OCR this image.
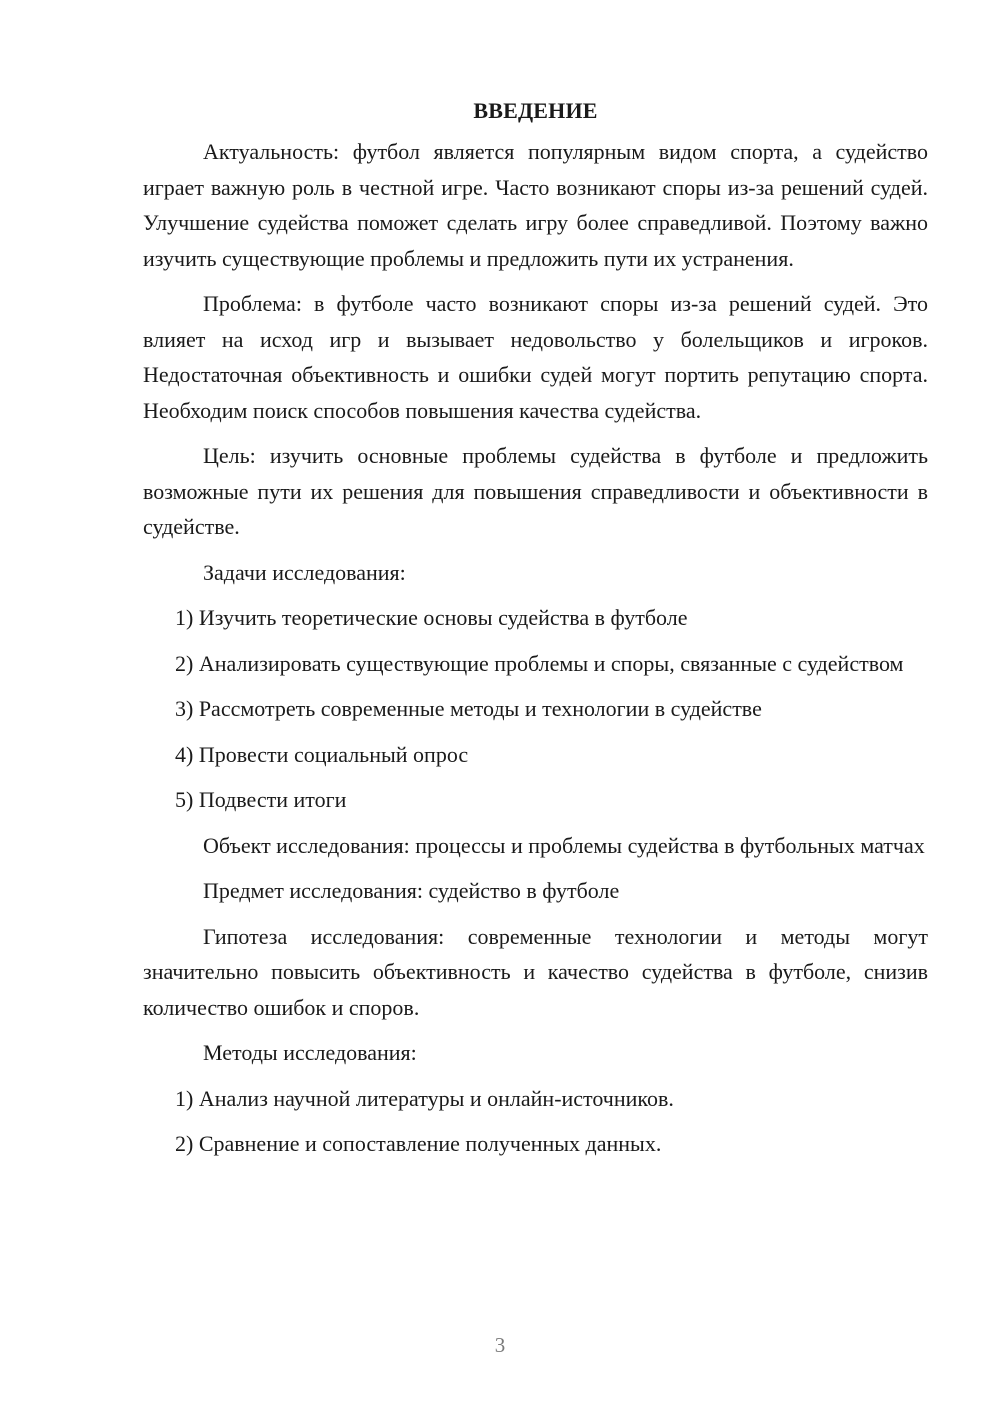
ВВЕДЕНИЕ

Актуальность: футбол является популярным видом спорта, а судейство играет важную роль в честной игре. Часто возникают споры из-за решений судей. Улучшение судейства поможет сделать игру более справедливой. Поэтому важно изучить существующие проблемы и предложить пути их устранения.

Проблема: в футболе часто возникают споры из-за решений судей. Это влияет на исход игр и вызывает недовольство у болельщиков и игроков. Недостаточная объективность и ошибки судей могут портить репутацию спорта. Необходим поиск способов повышения качества судейства.

Цель: изучить основные проблемы судейства в футболе и предложить возможные пути их решения для повышения справедливости и объективности в судействе.

Задачи исследования:

1) Изучить теоретические основы судейства в футболе

2) Анализировать существующие проблемы и споры, связанные с судейством

3) Рассмотреть современные методы и технологии в судействе

4) Провести социальный опрос

5) Подвести итоги

Объект исследования: процессы и проблемы судейства в футбольных матчах

Предмет исследования: судейство в футболе

Гипотеза исследования: современные технологии и методы могут значительно повысить объективность и качество судейства в футболе, снизив количество ошибок и споров.

Методы исследования:

1) Анализ научной литературы и онлайн-источников.

2) Сравнение и сопоставление полученных данных.

3
